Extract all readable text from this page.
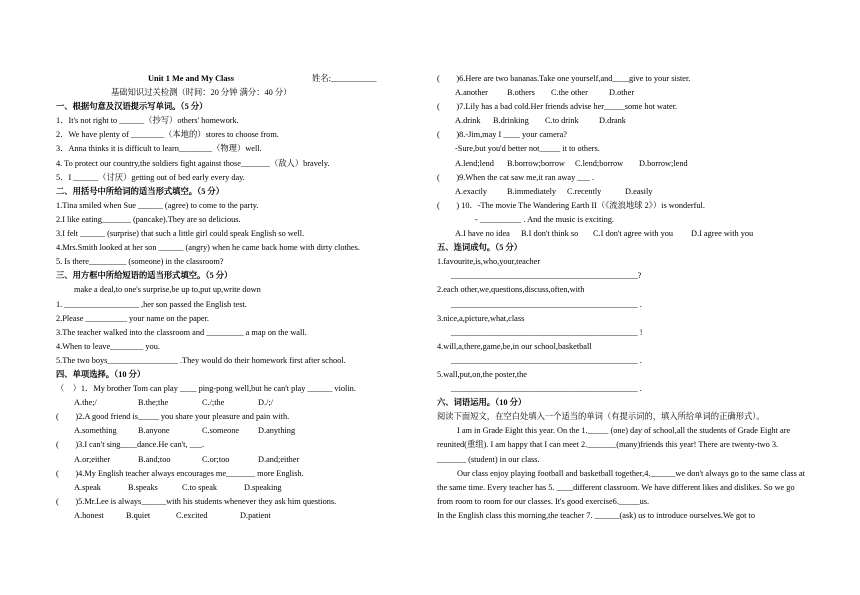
Unit 1 Me and My Class	姓名:___________
基础知识过关检测（时间：20 分钟 满分：40 分）
一、根据句意及汉语提示写单词。（5 分）
1．It's not right to ______（抄写）others' homework.
2．We have plenty of ________（本地的）stores to choose from.
3．Anna thinks it is difficult to learn________（物理）well.
4. To protect our country,the soldiers fight against those_______（敌人）bravely.
5．I ______（讨厌）getting out of bed early every day.
二、用括号中所给词的适当形式填空。（5 分）
1.Tina smiled when Sue ______ (agree) to come to the party.
2.I like eating_______ (pancake).They are so delicious.
3.I felt ______ (surprise) that such a little girl could speak English so well.
4.Mrs.Smith looked at her son ______ (angry) when he came back home with dirty clothes.
5. Is there_________ (someone) in the classroom?
三、用方框中所给短语的适当形式填空。（5 分）
make a deal,to one's surprise,be up to,put up,write down
1. __________________ ,her son passed the English test.
2.Please __________ your name on the paper.
3.The teacher walked into the classroom and _________ a map on the wall.
4.When to leave________ you.
5.The two boys_________________ .They would do their homework first after school.
四、单项选择。（10 分）
（　）1．My brother Tom can play ____ ping-pong well,but he can't play ______ violin.
A.the;/	B.the;the	C./;the	D./;/
(　　)2.A good friend is_____ you share your pleasure and pain with.
A.something	B.anyone	C.someone	D.anything
(　　)3.I can't sing____dance.He can't, ___.
A.or;either	B.and;too	C.or;too	D.and;either
(　　)4.My English teacher always encourages me_______ more English.
A.speak	B.speaks	C.to speak	D.speaking
(　　)5.Mr.Lee is always______with his students whenever they ask him questions.
A.honest	B.quiet	C.excited	D.patient
(　　)6.Here are two bananas.Take one yourself,and____give to your sister.
A.another	B.others	C.the other	D.other
(　　)7.Lily has a bad cold.Her friends advise her_____some hot water.
A.drink	B.drinking	C.to drink	D.drank
(　　)8.-Jim,may I ____ your camera?
-Sure,but you'd better not_____ it to others.
A.lend;lend	B.borrow;borrow	C.lend;borrow	D.borrow;lend
(　　)9.When the cat saw me,it ran away ___ .
A.exactly	B.immediately	C.recently	D.easily
(　　) 10．-The movie The Wandering Earth II（《流浪地球 2》）is wonderful.
- __________ . And the music is exciting.
A.I have no idea	B.I don't think so	C.I don't agree with you	D.I agree with you
五、连词成句。（5 分）
1.favourite,is,who,your,teacher
_____________________________________________?
2.each other,we,questions,discuss,often,with
_____________________________________________ .
3.nice,a,picture,what,class
_____________________________________________ !
4.will,a,there,game,be,in our school,basketball
_____________________________________________ .
5.wall,put,on,the poster,the
_____________________________________________ .
六、词语运用。（10 分）
阅读下面短文，在空白处填入一个适当的单词（有提示词的，填入所给单词的正确形式）。
I am in Grade Eight this year. On the 1._____ (one) day of school,all the students of Grade Eight are reunited(重组). I am happy that I can meet 2._______(many)friends this year! There are twenty-two 3. _______ (student) in our class.
Our class enjoy playing football and basketball together,4.______we don't always go to the same class at the same time. Every teacher has 5. ____different classroom. We have different likes and dislikes. So we go from room to room for our classes. It's good exercise6._____us.
In the English class this morning,the teacher 7. ______(ask) us to introduce ourselves.We got to
